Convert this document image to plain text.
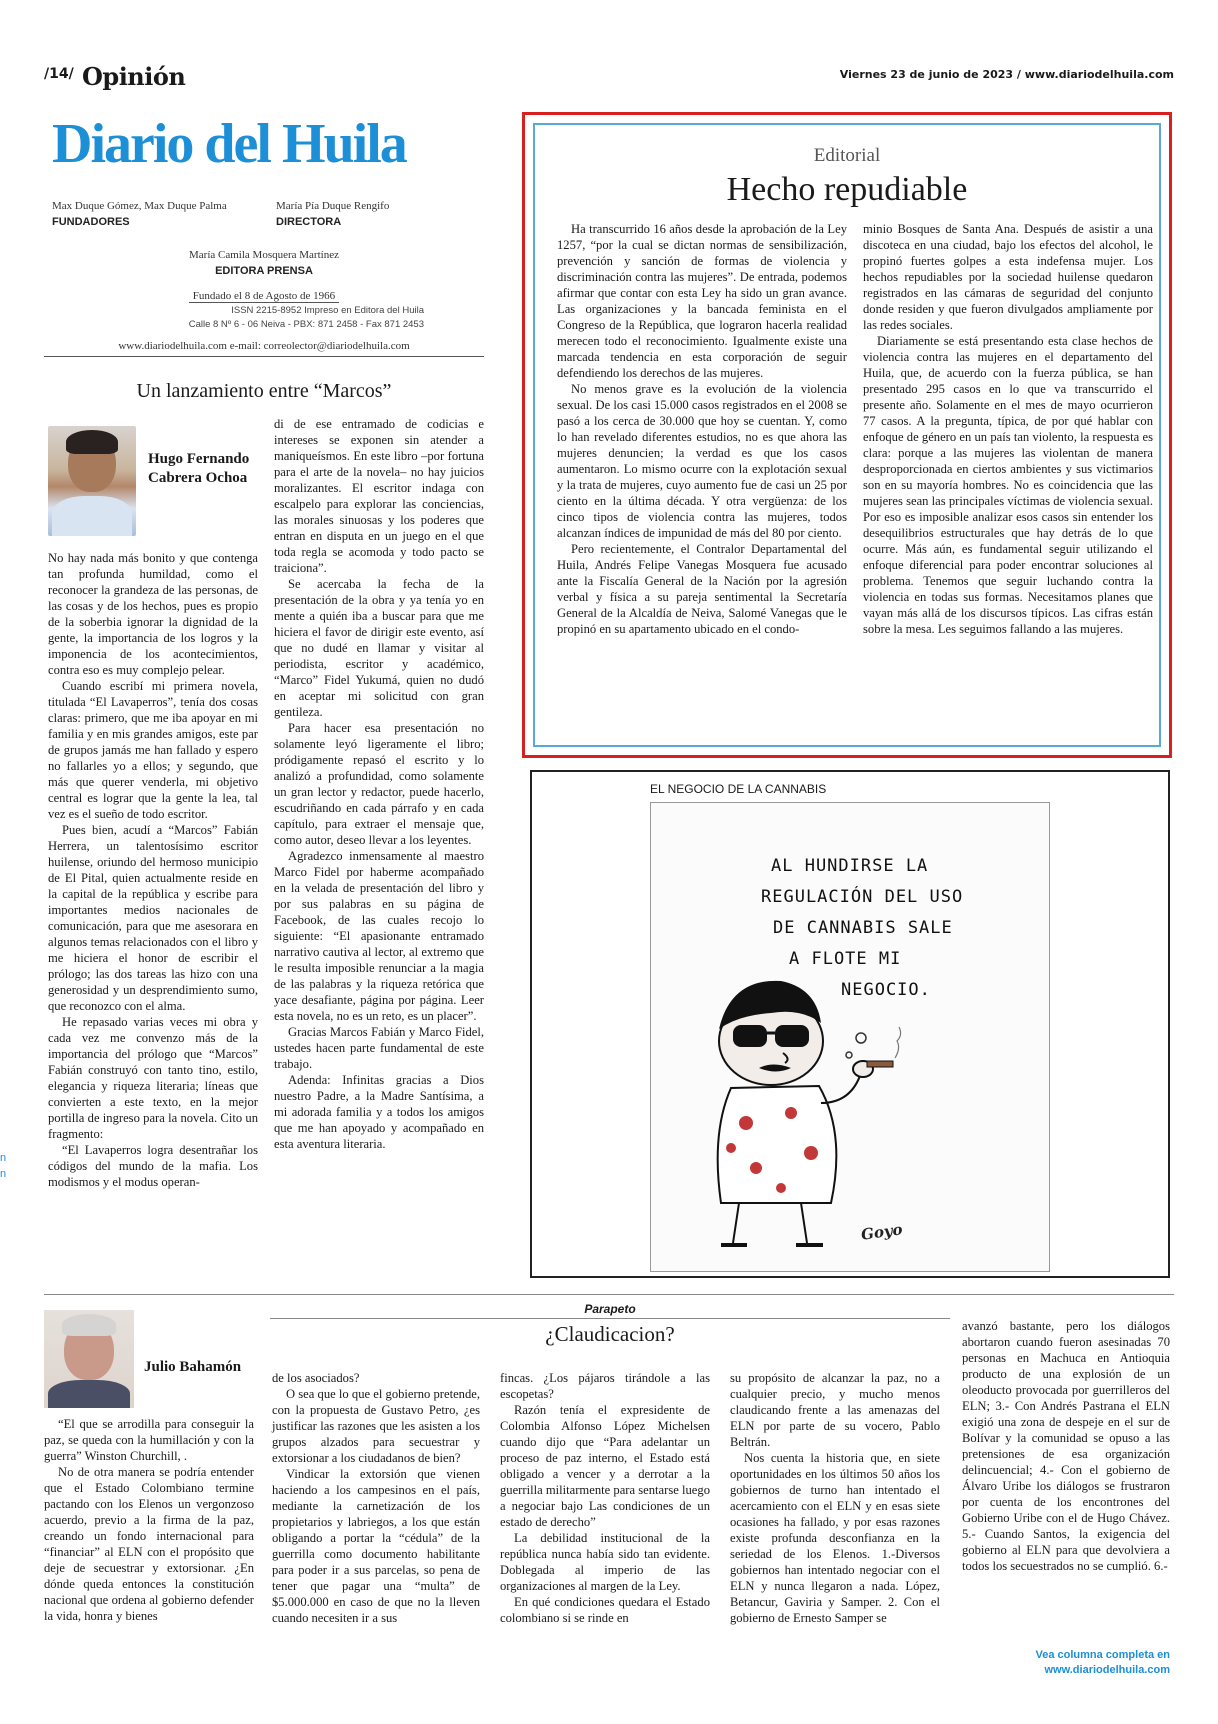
/14/ Opinión	Viernes 23 de junio de 2023 / www.diariodelhuila.com
Diario del Huila
Max Duque Gómez, Max Duque Palma
FUNDADORES
María Pía Duque Rengifo
DIRECTORA
María Camila Mosquera Martínez
EDITORA PRENSA
Fundado el 8 de Agosto de 1966
ISSN 2215-8952 Impreso en Editora del Huila
Calle 8 Nº 6 - 06 Neiva - PBX: 871 2458 - Fax 871 2453
www.diariodelhuila.com e-mail: correolector@diariodelhuila.com
Un lanzamiento entre “Marcos”
Hugo Fernando Cabrera Ochoa

No hay nada más bonito y que contenga tan profunda humildad, como el reconocer la grandeza de las personas, de las cosas y de los hechos, pues es propio de la soberbia ignorar la dignidad de la gente, la importancia de los logros y la imponencia de los acontecimientos, contra eso es muy complejo pelear.

Cuando escribí mi primera novela, titulada “El Lavaperros”, tenía dos cosas claras: primero, que me iba apoyar en mi familia y en mis grandes amigos, este par de grupos jamás me han fallado y espero no fallarles yo a ellos; y segundo, que más que querer venderla, mi objetivo central es lograr que la gente la lea, tal vez es el sueño de todo escritor.

Pues bien, acudí a “Marcos” Fabián Herrera, un talentosísimo escritor huilense, oriundo del hermoso municipio de El Pital, quien actualmente reside en la capital de la república y escribe para importantes medios nacionales de comunicación, para que me asesorara en algunos temas relacionados con el libro y me hiciera el honor de escribir el prólogo; las dos tareas las hizo con una generosidad y un desprendimiento sumo, que reconozco con el alma.

He repasado varias veces mi obra y cada vez me convenzo más de la importancia del prólogo que “Marcos” Fabián construyó con tanto tino, estilo, elegancia y riqueza literaria; líneas que convierten a este texto, en la mejor portilla de ingreso para la novela. Cito un fragmento:

“El Lavaperros logra desentrañar los códigos del mundo de la mafia. Los modismos y el modus operan-

di de ese entramado de codicias e intereses se exponen sin atender a maniqueísmos. En este libro –por fortuna para el arte de la novela– no hay juicios moralizantes. El escritor indaga con escalpelo para explorar las conciencias, las morales sinuosas y los poderes que entran en disputa en un juego en el que toda regla se acomoda y todo pacto se traiciona”.

Se acercaba la fecha de la presentación de la obra y ya tenía yo en mente a quién iba a buscar para que me hiciera el favor de dirigir este evento, así que no dudé en llamar y visitar al periodista, escritor y académico, “Marco” Fidel Yukumá, quien no dudó en aceptar mi solicitud con gran gentileza.

Para hacer esa presentación no solamente leyó ligeramente el libro; pródigamente repasó el escrito y lo analizó a profundidad, como solamente un gran lector y redactor, puede hacerlo, escudriñando en cada párrafo y en cada capítulo, para extraer el mensaje que, como autor, deseo llevar a los leyentes.

Agradezco inmensamente al maestro Marco Fidel por haberme acompañado en la velada de presentación del libro y por sus palabras en su página de Facebook, de las cuales recojo lo siguiente: “El apasionante entramado narrativo cautiva al lector, al extremo que le resulta imposible renunciar a la magia de las palabras y la riqueza retórica que yace desafiante, página por página. Leer esta novela, no es un reto, es un placer”.

Gracias Marcos Fabián y Marco Fidel, ustedes hacen parte fundamental de este trabajo.

Adenda: Infinitas gracias a Dios nuestro Padre, a la Madre Santísima, a mi adorada familia y a todos los amigos que me han apoyado y acompañado en esta aventura literaria.

Editorial
Hecho repudiable

Ha transcurrido 16 años desde la aprobación de la Ley 1257, “por la cual se dictan normas de sensibilización, prevención y sanción de formas de violencia y discriminación contra las mujeres”. De entrada, podemos afirmar que contar con esta Ley ha sido un gran avance. Las organizaciones y la bancada feminista en el Congreso de la República, que lograron hacerla realidad merecen todo el reconocimiento. Igualmente existe una marcada tendencia en esta corporación de seguir defendiendo los derechos de las mujeres.

No menos grave es la evolución de la violencia sexual. De los casi 15.000 casos registrados en el 2008 se pasó a los cerca de 30.000 que hoy se cuentan. Y, como lo han revelado diferentes estudios, no es que ahora las mujeres denuncien; la verdad es que los casos aumentaron. Lo mismo ocurre con la explotación sexual y la trata de mujeres, cuyo aumento fue de casi un 25 por ciento en la última década. Y otra vergüenza: de los cinco tipos de violencia contra las mujeres, todos alcanzan índices de impunidad de más del 80 por ciento.

Pero recientemente, el Contralor Departamental del Huila, Andrés Felipe Vanegas Mosquera fue acusado ante la Fiscalía General de la Nación por la agresión verbal y física a su pareja sentimental la Secretaría General de la Alcaldía de Neiva, Salomé Vanegas que le propinó en su apartamento ubicado en el condo-

minio Bosques de Santa Ana. Después de asistir a una discoteca en una ciudad, bajo los efectos del alcohol, le propinó fuertes golpes a esta indefensa mujer. Los hechos repudiables por la sociedad huilense quedaron registrados en las cámaras de seguridad del conjunto donde residen y que fueron divulgados ampliamente por las redes sociales.

Diariamente se está presentando esta clase hechos de violencia contra las mujeres en el departamento del Huila, que, de acuerdo con la fuerza pública, se han presentado 295 casos en lo que va transcurrido el presente año. Solamente en el mes de mayo ocurrieron 77 casos. A la pregunta, típica, de por qué hablar con enfoque de género en un país tan violento, la respuesta es clara: porque a las mujeres las violentan de manera desproporcionada en ciertos ambientes y sus victimarios son en su mayoría hombres. No es coincidencia que las mujeres sean las principales víctimas de violencia sexual. Por eso es imposible analizar esos casos sin entender los desequilibrios estructurales que hay detrás de lo que ocurre. Más aún, es fundamental seguir utilizando el enfoque diferencial para poder encontrar soluciones al problema. Tenemos que seguir luchando contra la violencia en todas sus formas. Necesitamos planes que vayan más allá de los discursos típicos. Las cifras están sobre la mesa. Les seguimos fallando a las mujeres.

EL NEGOCIO DE LA CANNABIS
AL HUNDIRSE LA
REGULACIÓN DEL USO
DE CANNABIS SALE
A FLOTE MI
NEGOCIO.
Goyo
Julio Bahamón
Parapeto
¿Claudicacion?

“El que se arrodilla para conseguir la paz, se queda con la humillación y con la guerra” Winston Churchill, .

No de otra manera se podría entender que el Estado Colombiano termine pactando con los Elenos un vergonzoso acuerdo, previo a la firma de la paz, creando un fondo internacional para “financiar” al ELN con el propósito que deje de secuestrar y extorsionar. ¿En dónde queda entonces la constitución nacional que ordena al gobierno defender la vida, honra y bienes

de los asociados?

O sea que lo que el gobierno pretende, con la propuesta de Gustavo Petro, ¿es justificar las razones que les asisten a los grupos alzados para secuestrar y extorsionar a los ciudadanos de bien?

Vindicar la extorsión que vienen haciendo a los campesinos en el país, mediante la carnetización de los propietarios y labriegos, a los que están obligando a portar la “cédula” de la guerrilla como documento habilitante para poder ir a sus parcelas, so pena de tener que pagar una “multa” de $5.000.000 en caso de que no la lleven cuando necesiten ir a sus

fincas. ¿Los pájaros tirándole a las escopetas?

Razón tenía el expresidente de Colombia Alfonso López Michelsen cuando dijo que “Para adelantar un proceso de paz interno, el Estado está obligado a vencer y a derrotar a la guerrilla militarmente para sentarse luego a negociar bajo Las condiciones de un estado de derecho”

La debilidad institucional de la república nunca había sido tan evidente. Doblegada al imperio de las organizaciones al margen de la Ley.

En qué condiciones quedara el Estado colombiano si se rinde en

su propósito de alcanzar la paz, no a cualquier precio, y mucho menos claudicando frente a las amenazas del ELN por parte de su vocero, Pablo Beltrán.

Nos cuenta la historia que, en siete oportunidades en los últimos 50 años los gobiernos de turno han intentado el acercamiento con el ELN y en esas siete ocasiones ha fallado, y por esas razones existe profunda desconfianza en la seriedad de los Elenos. 1.-Diversos gobiernos han intentado negociar con el ELN y nunca llegaron a nada. López, Betancur, Gaviria y Samper. 2. Con el gobierno de Ernesto Samper se

avanzó bastante, pero los diálogos abortaron cuando fueron asesinadas 70 personas en Machuca en Antioquia producto de una explosión de un oleoducto provocada por guerrilleros del ELN; 3.- Con Andrés Pastrana el ELN exigió una zona de despeje en el sur de Bolívar y la comunidad se opuso a las pretensiones de esa organización delincuencial; 4.- Con el gobierno de Álvaro Uribe los diálogos se frustraron por cuenta de los encontrones del Gobierno Uribe con el de Hugo Chávez. 5.- Cuando Santos, la exigencia del gobierno al ELN para que devolviera a todos los secuestrados no se cumplió. 6.-

Vea columna completa en
www.diariodelhuila.com
n
n
